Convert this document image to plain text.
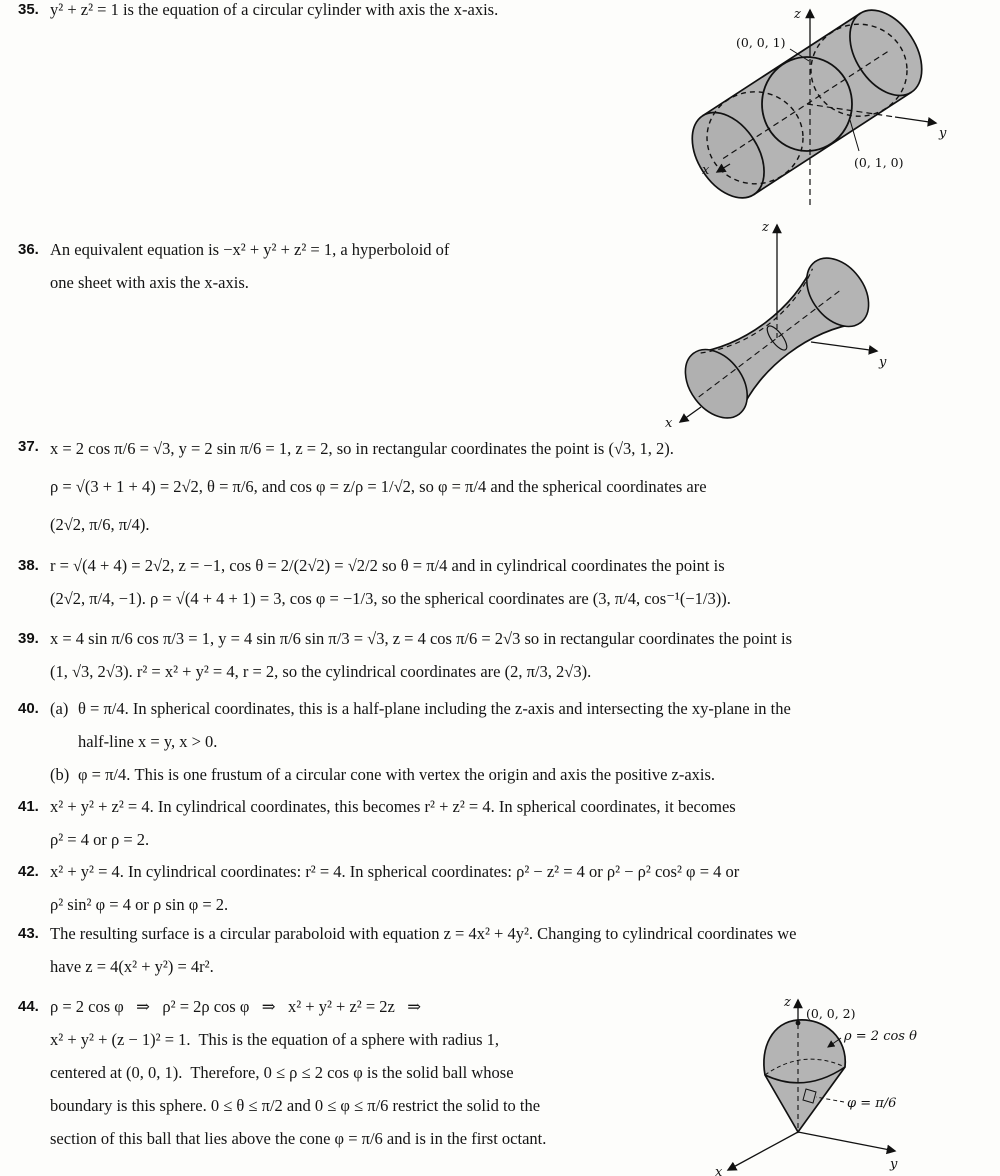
35. y² + z² = 1 is the equation of a circular cylinder with axis the x-axis.	z
y
x
(0, 0, 1)
(0, 1, 0)
36. An equivalent equation is −x² + y² + z² = 1, a hyperboloid of
one sheet with axis the x-axis.
z
y
x
37. x = 2 cos π/6 = √3, y = 2 sin π/6 = 1, z = 2, so in rectangular coordinates the point is (√3, 1, 2).
ρ = √(3 + 1 + 4) = 2√2, θ = π/6, and cos φ = z/ρ = 1/√2, so φ = π/4 and the spherical coordinates are
(2√2, π/6, π/4).
38. r = √(4 + 4) = 2√2, z = −1, cos θ = 2/(2√2) = √2/2 so θ = π/4 and in cylindrical coordinates the point is
(2√2, π/4, −1). ρ = √(4 + 4 + 1) = 3, cos φ = −1/3, so the spherical coordinates are (3, π/4, cos⁻¹(−1/3)).
39. x = 4 sin π/6 cos π/3 = 1, y = 4 sin π/6 sin π/3 = √3, z = 4 cos π/6 = 2√3 so in rectangular coordinates the point is
(1, √3, 2√3). r² = x² + y² = 4, r = 2, so the cylindrical coordinates are (2, π/3, 2√3).
40. (a) θ = π/4. In spherical coordinates, this is a half-plane including the z-axis and intersecting the xy-plane in the
half-line x = y, x > 0.
(b) φ = π/4. This is one frustum of a circular cone with vertex the origin and axis the positive z-axis.
41. x² + y² + z² = 4. In cylindrical coordinates, this becomes r² + z² = 4. In spherical coordinates, it becomes
ρ² = 4 or ρ = 2.
42. x² + y² = 4. In cylindrical coordinates: r² = 4. In spherical coordinates: ρ² − z² = 4 or ρ² − ρ² cos² φ = 4 or
ρ² sin² φ = 4 or ρ sin φ = 2.
43. The resulting surface is a circular paraboloid with equation z = 4x² + 4y². Changing to cylindrical coordinates we
have z = 4(x² + y²) = 4r².
44. ρ = 2 cos φ   ⇒   ρ² = 2ρ cos φ   ⇒   x² + y² + z² = 2z   ⇒
x² + y² + (z − 1)² = 1.  This is the equation of a sphere with radius 1,
centered at (0, 0, 1).  Therefore, 0 ≤ ρ ≤ 2 cos φ is the solid ball whose
boundary is this sphere. 0 ≤ θ ≤ π/2 and 0 ≤ φ ≤ π/6 restrict the solid to the
section of this ball that lies above the cone φ = π/6 and is in the first octant.
z
(0, 0, 2)
ρ = 2 cos θ
φ = π/6
y
x
